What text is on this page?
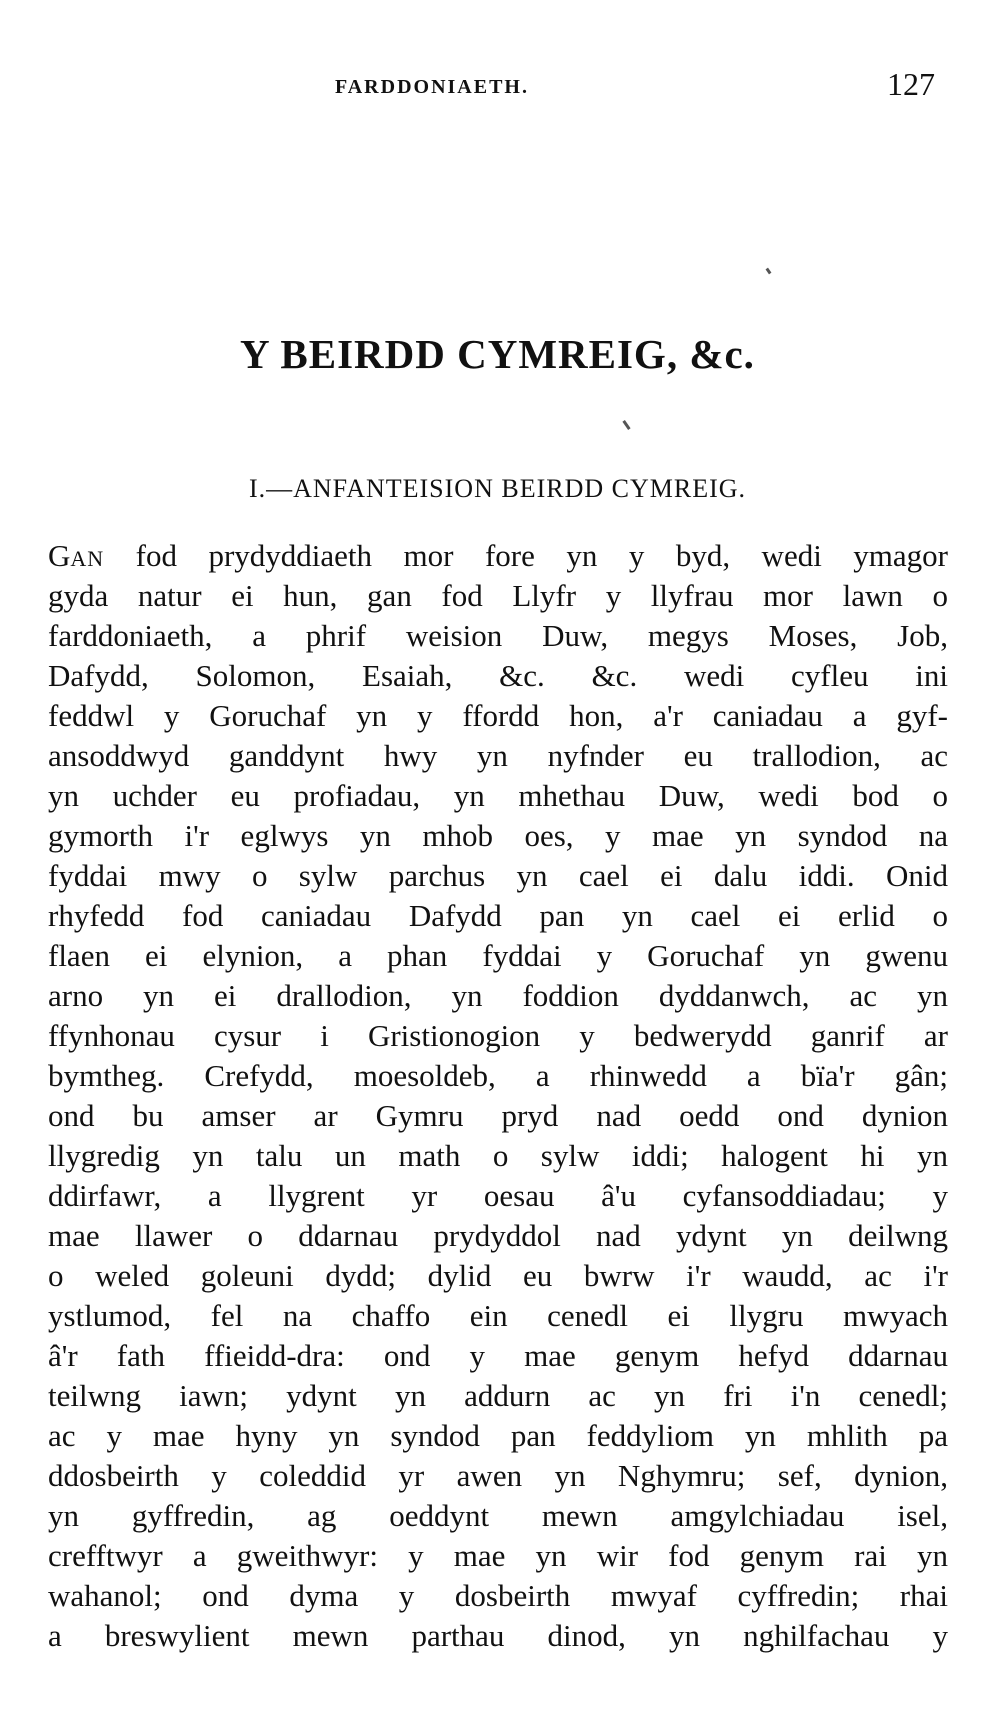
FARDDONIAETH.	127
Y BEIRDD CYMREIG, &c.
I.—ANFANTEISION BEIRDD CYMREIG.
GAN fod prydyddiaeth mor fore yn y byd, wedi ymagor
gyda natur ei hun, gan fod Llyfr y llyfrau mor lawn o
farddoniaeth, a phrif weision Duw, megys Moses, Job,
Dafydd, Solomon, Esaiah, &c. &c. wedi cyfleu ini
feddwl y Goruchaf yn y ffordd hon, a'r caniadau a gyf-
ansoddwyd ganddynt hwy yn nyfnder eu trallodion, ac
yn uchder eu profiadau, yn mhethau Duw, wedi bod o
gymorth i'r eglwys yn mhob oes, y mae yn syndod na
fyddai mwy o sylw parchus yn cael ei dalu iddi. Onid
rhyfedd fod caniadau Dafydd pan yn cael ei erlid o
flaen ei elynion, a phan fyddai y Goruchaf yn gwenu
arno yn ei drallodion, yn foddion dyddanwch, ac yn
ffynhonau cysur i Gristionogion y bedwerydd ganrif ar
bymtheg. Crefydd, moesoldeb, a rhinwedd a bïa'r gân;
ond bu amser ar Gymru pryd nad oedd ond dynion
llygredig yn talu un math o sylw iddi; halogent hi yn
ddirfawr, a llygrent yr oesau â'u cyfansoddiadau; y
mae llawer o ddarnau prydyddol nad ydynt yn deilwng
o weled goleuni dydd; dylid eu bwrw i'r waudd, ac i'r
ystlumod, fel na chaffo ein cenedl ei llygru mwyach
â'r fath ffieidd-dra: ond y mae genym hefyd ddarnau
teilwng iawn; ydynt yn addurn ac yn fri i'n cenedl;
ac y mae hyny yn syndod pan feddyliom yn mhlith pa
ddosbeirth y coleddid yr awen yn Nghymru; sef, dynion,
yn gyffredin, ag oeddynt mewn amgylchiadau isel,
crefftwyr a gweithwyr: y mae yn wir fod genym rai yn
wahanol; ond dyma y dosbeirth mwyaf cyffredin; rhai
a breswylient mewn parthau dinod, yn nghilfachau y
